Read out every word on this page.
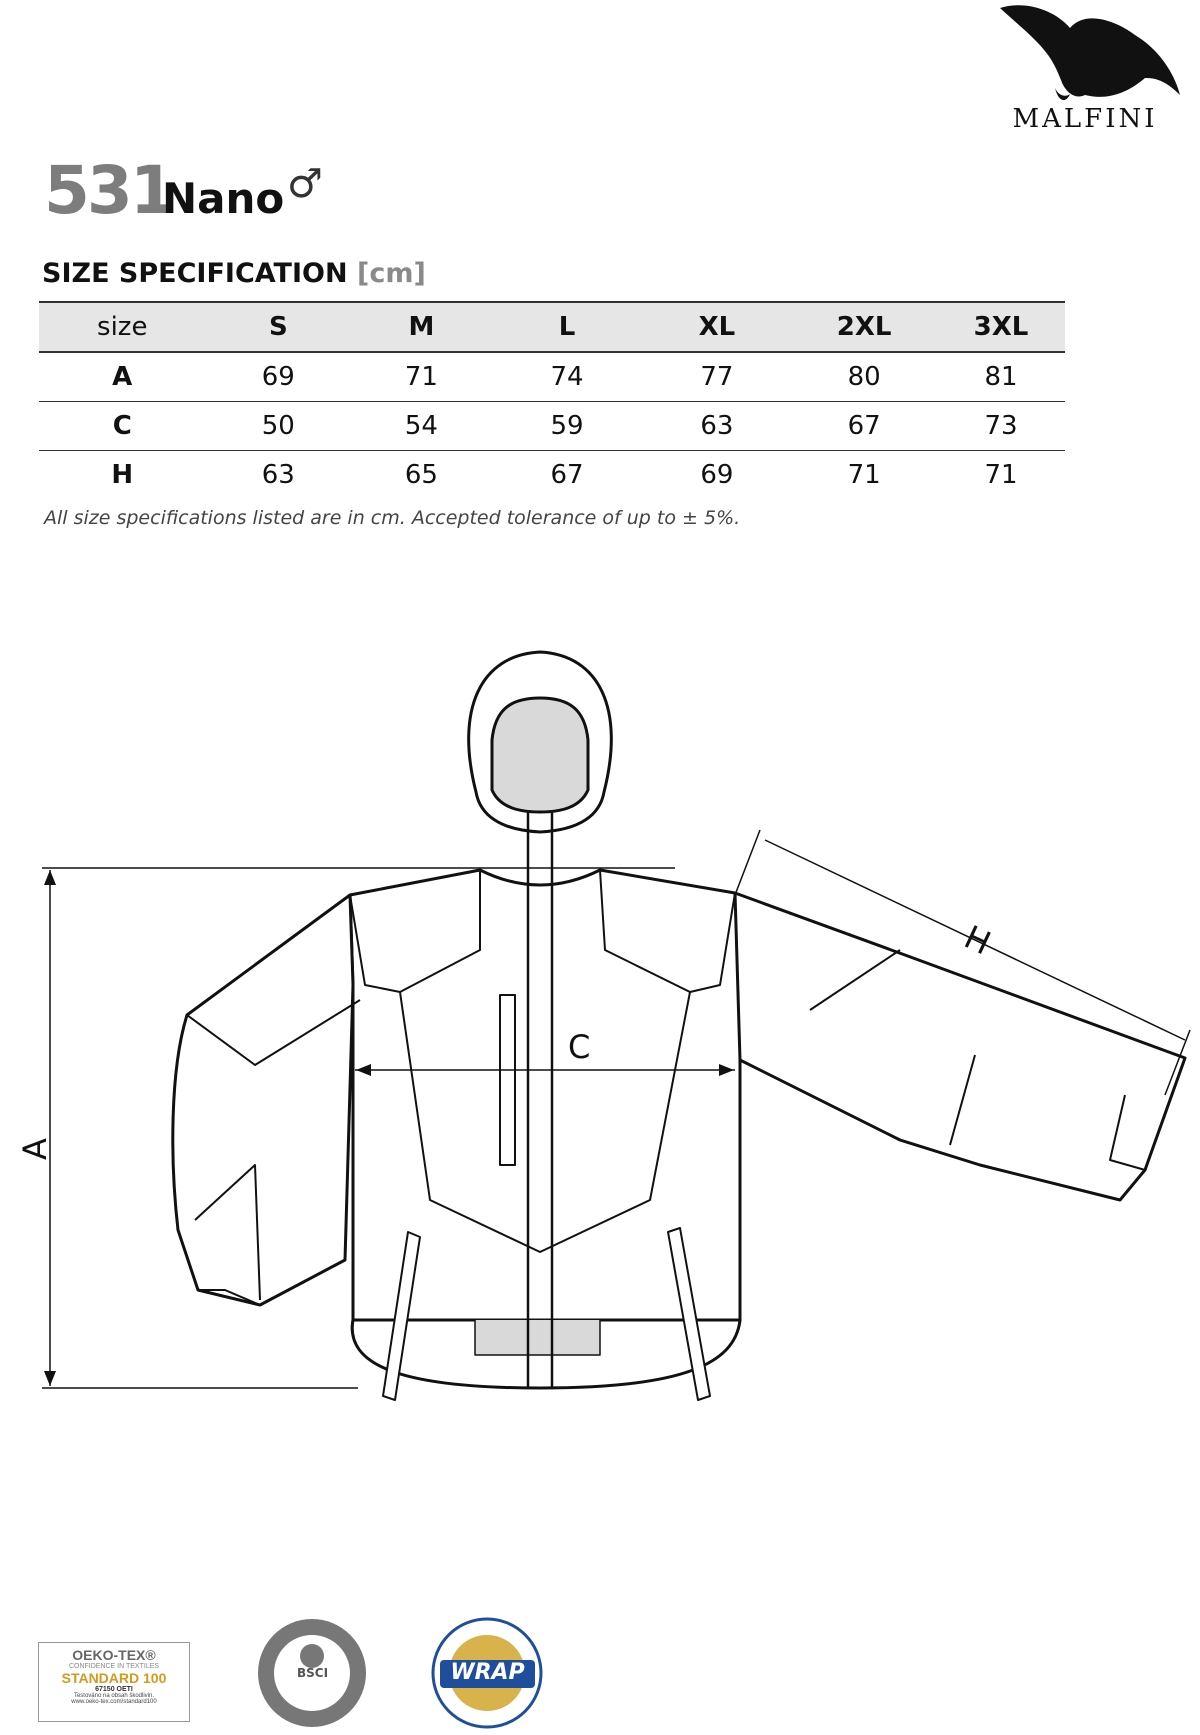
MALFINI
531
Nano ♂
SIZE SPECIFICATION [cm]
size	S	M	L	XL	2XL	3XL
A	69	71	74	77	80	81
C	50	54	59	63	67	73
H	63	65	67	69	71	71
All size specifications listed are in cm. Accepted tolerance of up to ± 5%.
A
C
H
OEKO-TEX®
CONFIDENCE IN TEXTILES
STANDARD 100
67150 OETI
Testováno na obsah škodlivin.
www.oeko-tex.com/standard100
BSCI	WRAP
